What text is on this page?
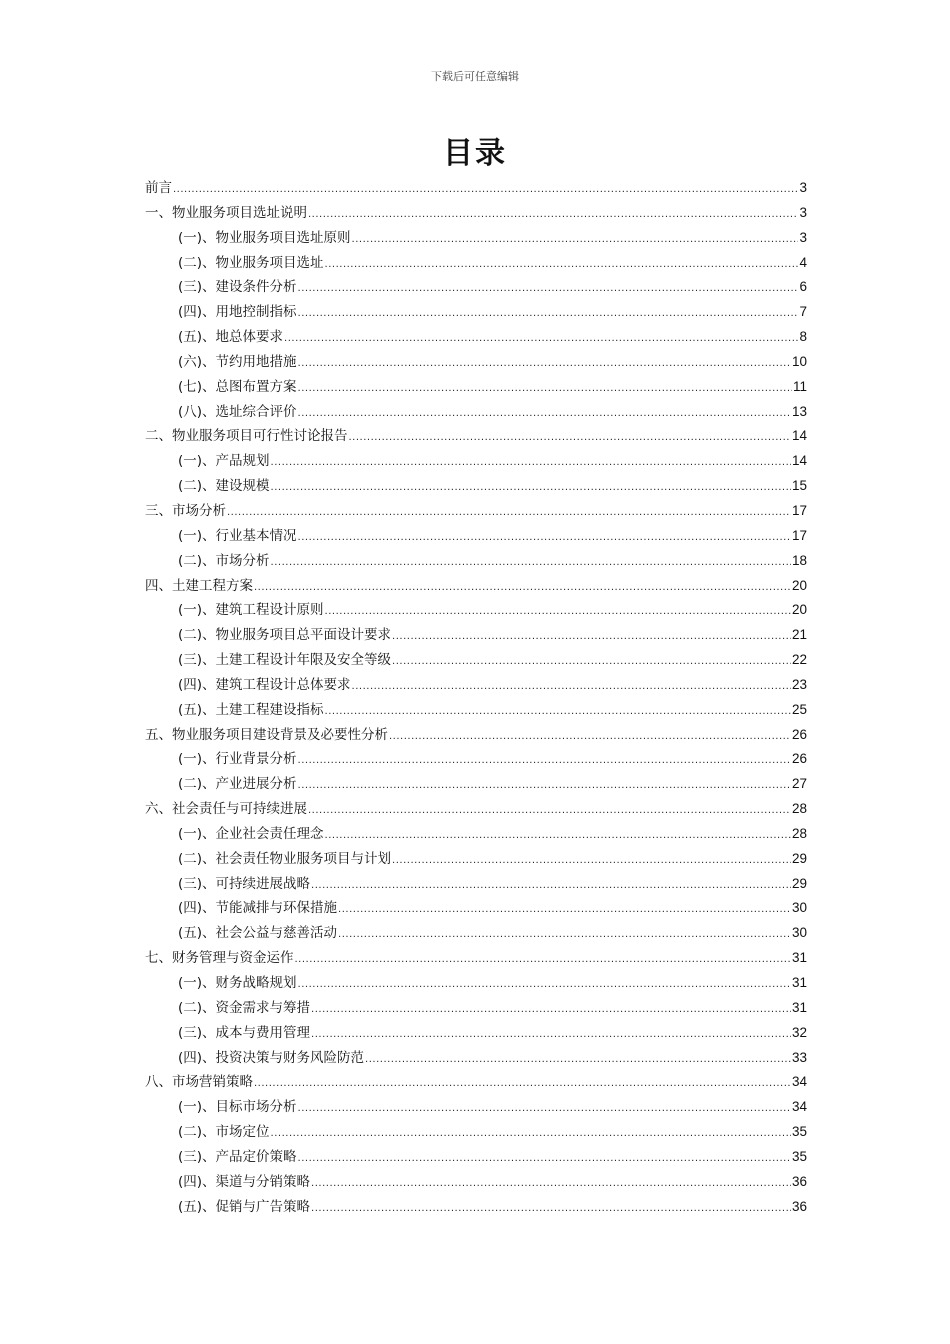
下载后可任意编辑
目录
前言 .....	3
一、物业服务项目选址说明 .....	3
(一)、物业服务项目选址原则 .....	3
(二)、物业服务项目选址 .....	4
(三)、建设条件分析 .....	6
(四)、用地控制指标 .....	7
(五)、地总体要求 .....	8
(六)、节约用地措施 .....	10
(七)、总图布置方案 .....	11
(八)、选址综合评价 .....	13
二、物业服务项目可行性讨论报告 .....	14
(一)、产品规划 .....	14
(二)、建设规模 .....	15
三、市场分析 .....	17
(一)、行业基本情况 .....	17
(二)、市场分析 .....	18
四、土建工程方案 .....	20
(一)、建筑工程设计原则 .....	20
(二)、物业服务项目总平面设计要求 .....	21
(三)、土建工程设计年限及安全等级 .....	22
(四)、建筑工程设计总体要求 .....	23
(五)、土建工程建设指标 .....	25
五、物业服务项目建设背景及必要性分析 .....	26
(一)、行业背景分析 .....	26
(二)、产业进展分析 .....	27
六、社会责任与可持续进展 .....	28
(一)、企业社会责任理念 .....	28
(二)、社会责任物业服务项目与计划 .....	29
(三)、可持续进展战略 .....	29
(四)、节能减排与环保措施 .....	30
(五)、社会公益与慈善活动 .....	30
七、财务管理与资金运作 .....	31
(一)、财务战略规划 .....	31
(二)、资金需求与筹措 .....	31
(三)、成本与费用管理 .....	32
(四)、投资决策与财务风险防范 .....	33
八、市场营销策略 .....	34
(一)、目标市场分析 .....	34
(二)、市场定位 .....	35
(三)、产品定价策略 .....	35
(四)、渠道与分销策略 .....	36
(五)、促销与广告策略 .....	36
